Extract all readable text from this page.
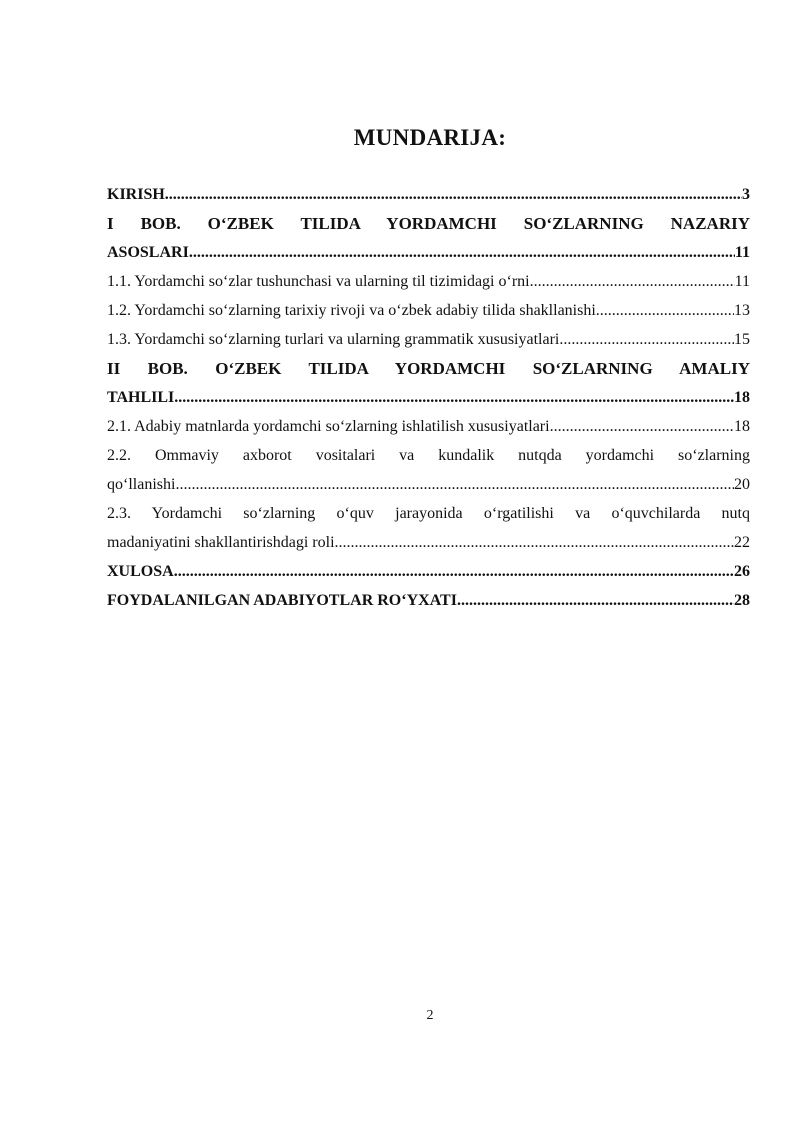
MUNDARIJA:
KIRISH .....	3
I BOB. O‘ZBEK TILIDA YORDAMCHI SO‘ZLARNING NAZARIY
ASOSLARI .....	11
1.1. Yordamchi so‘zlar tushunchasi va ularning til tizimidagi o‘rni .....	11
1.2. Yordamchi so‘zlarning tarixiy rivoji va o‘zbek adabiy tilida shakllanishi .....	13
1.3. Yordamchi so‘zlarning turlari va ularning grammatik xususiyatlari .....	15
II BOB. O‘ZBEK TILIDA YORDAMCHI SO‘ZLARNING AMALIY
TAHLILI .....	18
2.1. Adabiy matnlarda yordamchi so‘zlarning ishlatilish xususiyatlari .....	18
2.2. Ommaviy axborot vositalari va kundalik nutqda yordamchi so‘zlarning
qo‘llanishi .....	20
2.3. Yordamchi so‘zlarning o‘quv jarayonida o‘rgatilishi va o‘quvchilarda nutq
madaniyatini shakllantirishdagi roli .....	22
XULOSA .....	26
FOYDALANILGAN ADABIYOTLAR RO‘YXATI .....	28
2
